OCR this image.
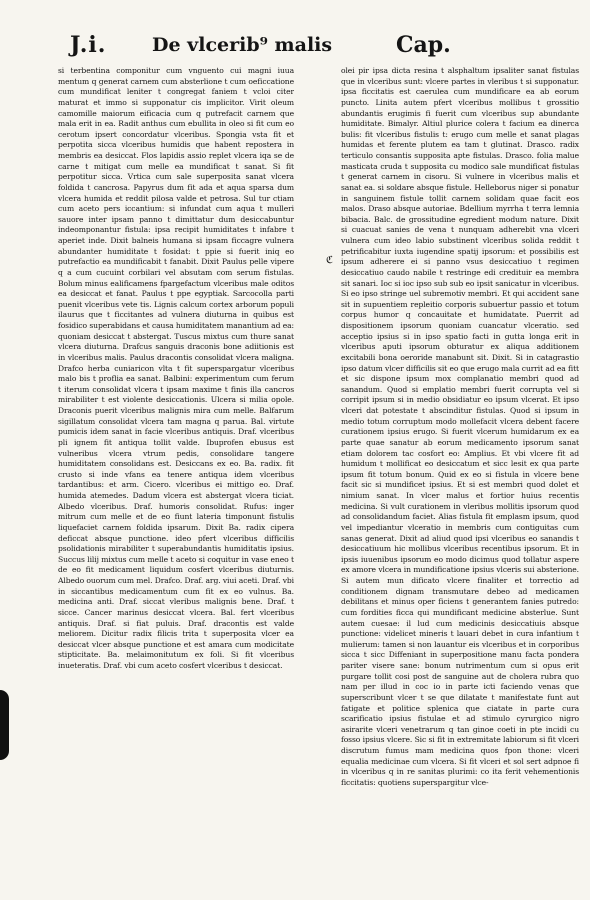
J.i. De vlcerib⁹ malis	Cap.
si terbentina componitur cum vnguento cui magni iuua mentum q generat carnem cum absterlione t cum oeficcatione cum mundificat leniter t congregat faniem t vcloi citer maturat et immo si supponatur cis implicitor. Virit oleum camomille maiorum eificacia cum q putrefacit carnem que mala erit in ea. Radit anthus cum ebullita in oleo si fit cum eo cerotum ipsert concordatur vlceribus. Spongia vsta fit et perpotita sicca vlceribus humidis que habent repostera in membris ea desiccat. Flos lapidis assio replet vlcera iqa se de carne t mitigat cum melle ea mundificat t sanat. Si fit perpotitur sicca. Vrtica cum sale superposita sanat vlcera foldida t cancrosa. Papyrus dum fit ada et aqua sparsa dum vlcera humida et reddit pilosa valde et petrosa. Sul tur ctiam cum aceto pers iccantium: si infundat cum aqua t mulleri sauore inter ipsam panno t dimittatur dum desiccabuntur indeomponantur fistula: ipsa recipit humiditates t infabre t aperiet inde. Dixit balneis humana si ipsam ficcagre vulnera abundanter humiditate t fosidat: t ppie si fuerit iniq eo putrefactio ea mundificabit t fanabit. Dixit Paulus pelle vipere q a cum cucuint corbilari vel absutam com serum fistulas. Bolum minus ealificamens fpargefactum vlceribus male oditos ea desiccat et fanat. Paulus t ppe egyptiak. Sarcocolla parti puenit vlceribus vete tis. Lignis calcum cortex arborum populi ilaurus que t ficcitantes ad vulnera diuturna in quibus est fosidico superabidans et causa humiditatem manantium ad ea: quoniam desiccat t abstergat. Tuscus mixtus cum thure sanat vlcera diuturna. Drafcus sanguis draconis bone adiitionis est in vlceribus malis. Paulus dracontis consolidat vlcera maligna. Drafco herba cuniaricon vlta t fit superspargatur vlceribus malo bis t proflia ea sanat. Balbini: experimentum cum ferum t iterum consolidat vlcera t ipsam maxime t finis illa cancros mirabiliter t est violente desiccationis. Ulcera si milia opole. Draconis puerit vlceribus malignis mira cum melle. Balfarum sigillatum consolidat vlcera tam magna q parua. Bal. virtute pumicis idem sanat in facie vlceribus antiquis. Draf. vlceribus pli ignem fit antiqua tollit valde. Ibuprofen ebusus est vulneribus vlcera vtrum pedis, consolidare tangere humiditatem consolidans est. Desiccans ex eo. Ba. radix. fit crusto si inde vfans ea tenere antiqua idem vlceribus tardantibus: et arm. Cicero. vlceribus ei mittigo eo. Draf. humida atemedes. Dadum vlcera est abstergat vlcera ticiat. Albedo vlceribus. Draf. humoris consolidat. Rufus: inger mitrum cum melle et de eo fiunt lateria timponunt fistulis liquefaciet carnem foldida ipsarum. Dixit Ba. radix cipera deficcat absque punctione. ideo pfert vlceribus difficilis psolidationis mirabiliter t superabundantis humiditatis ipsius. Succus lilij mixtus cum melle t aceto si coquitur in vase eneo t de eo fit medicament liquidum cosfert vlceribus diuturnis. Albedo ouorum cum mel. Drafco. Draf. arg. viui aceti. Draf. vbi in siccantibus medicamentum cum fit ex eo vulnus. Ba. medicina anti. Draf. siccat vleribus malignis bene. Draf. t sicce. Cancer marinus desiccat vlcera. Bal. fert vlceribus antiquis. Draf. si fiat puluis. Draf. dracontis est valde meliorem. Dicitur radix filicis trita t superposita vlcer ea desiccat vlcer absque punctione et est amara cum modicitate stipticitate. Ba. melaimonitutum ex foli. Si fit vlceribus inueteratis. Draf. vbi cum aceto cosfert vlceribus t desiccat.
ℭ
olei pir ipsa dicta resina t alsphaltum ipsaliter sanat fistulas que in vlceribus sunt: vlcere partes in vleribus t si supponatur. ipsa ficcitatis est caerulea cum mundificare ea ab eorum puncto. Linita autem pfert vlceribus mollibus t grossitio abundantis erugimis fi fuerit cum vlceribus sup abundante humiditate. Bimalyr. Altiul plurice colera t facium ea dinerca bulis: fit vlceribus fistulis t: erugo cum melle et sanat plagas humidas et ferente plutem ea tam t glutinat. Drasco. radix terticulo consantis supposita apte fistulas. Drasco. folia malue masticata cruda t supposita cu modico sale mundificat fistulas t generat carnem in cisoru. Si vulnere in vlceribus malis et sanat ea. si soldare absque fistule. Helleborus niger si ponatur in sanguinem fistule tollit carnem solidam quae facit eos malos. Draso absque autoriae. Bdellium myrrha t terra lemnia bibacia. Balc. de grossitudine egredient modum nature. Dixit si cuacuat sanies de vena t nunquam adherebit vna vlceri vulnera cum ideo labio substinent vlceribus solida reddit t petrificabitur iuxta iugendine spatij ipsorum: et possibilis est ipsum adherere ei si panno vsus desiccatiuo t regimen desiccatiuo caudo nabile t restringe edi credituir ea membra sit sanari. Ioc si ioc ipso sub sub eo ipsit sanicatur in vlceribus. Si eo ipso stringe uel subremotiv membri. Et qui accident sane sit in supuentiem repleitio corporis subuertur passio et totum corpus humor q concauitate et humidatate. Puerrit ad dispositionem ipsorum quoniam cuancatur vlceratio. sed acceptio ipsius si in ipso spatio facti in gutta longa erit in vlceribus aputi ipsorum obturatur ex aliqua additionem excitabili bona oeroride manabunt sit. Dixit. Si in catagrastio ipso datum vlcer difficilis sit eo que erugo mala currit ad ea fitt et sic dispone ipsum mox complanatio membri quod ad sanandum. Quod si emplatio membri fuerit corrupta vel si corripit ipsum si in medio obsidiatur eo ipsum vlcerat. Et ipso vlceri dat potestate t abscinditur fistulas. Quod si ipsum in medio totum corruptum modo mollefacit vlcera debent facere curationem ipsius erugo. Si fuerit vlcerum humidarum ex ea parte quae sanatur ab eorum medicamento ipsorum sanat etiam dolorem tac cosfort eo: Amplius. Et vbi vlcere fit ad humidum t mollificat eo desiccatum et sicc lesit ex qua parte ipsum fit totum bonum. Quid ex eo si fistula in vlcere bene facit sic si mundificet ipsius. Et si est membri quod dolet et nimium sanat. In vlcer malus et fortior huius recentis medicina. Si vult curationem in vleribus mollitis ipsorum quod ad consolidandum faciet. Alias fistula fit emplasm ipsum, quod vel impediantur vlceratio in membris cum contiguitas cum sanas generat. Dixit ad aliud quod ipsi vlceribus eo sanandis t desiccatiuum hic mollibus vlceribus recentibus ipsorum. Et in ipsis iuuenibus ipsorum eo modo dicimus quod tollatur aspere ex amore vlcera in mundificatione ipsius vlceris sui absterione. Si autem mun dificato vlcere finaliter et torrectio ad conditionem dignam transmutare debeo ad medicamen debilitans et minus oper ficiens t generantem fanies putredo: cum fordities ficca qui mundificant medicine absterlue. Sunt autem cuesae: il lud cum medicinis desiccatiuis absque punctione: videlicet mineris t lauari debet in cura infantium t mulierum: tamen si non lauantur eis vlceribus et in corporibus sicca t sicc Diffeniant in superpositione manu facta pondera pariter visere sane: bonum nutrimentum cum si opus erit purgare tollit cosi post de sanguine aut de cholera rubra quo nam per illud in coc io in parte icti faciendo venas que superscribunt vlcer t se que dilatate t manifestate funt aut fatigate et politice splenica que ciatate in parte cura scarificatio ipsius fistulae et ad stimulo cyrurgico nigro asirarite vlceri venetrarum q tan ginoe coeti in pte incidi cu fosso ipsius vlcere. Sic si fit in extremitate labiorum si fit vlceri discrutum fumus mam medicina quos fpon thone: vlceri equalia medicinae cum vlcera. Si fit vlceri et sol sert adpnoe fi in vlceribus q in re sanitas plurimi: co ita ferit vehementionis ficcitatis: quotiens superspargitur vlce-
